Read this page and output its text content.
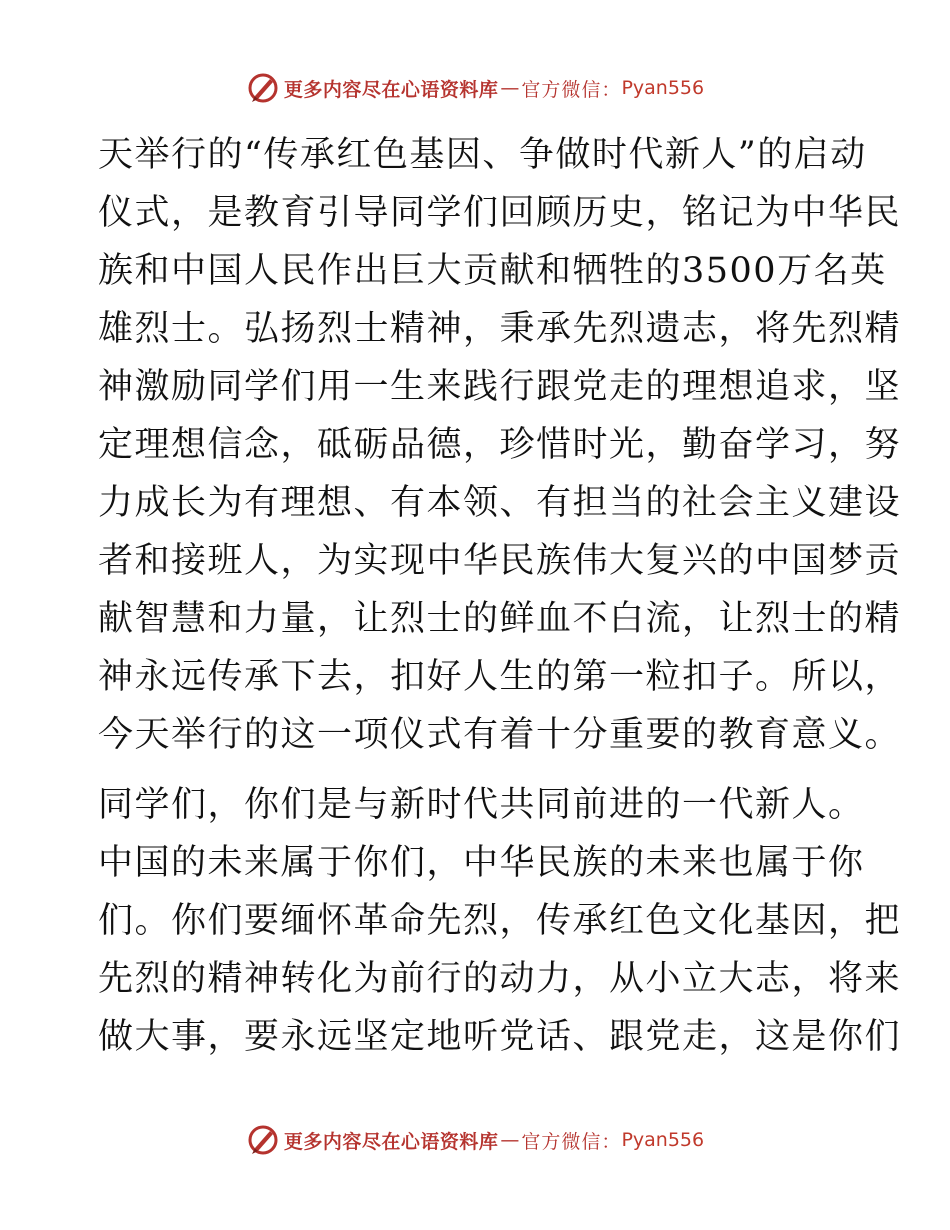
更多内容尽在心语资料库 — 官方微信： Pyan556
天举行的“传承红色基因、争做时代新人”的启动
仪式，是教育引导同学们回顾历史，铭记为中华民
族和中国人民作出巨大贡献和牺牲的3500万名英
雄烈士。弘扬烈士精神，秉承先烈遗志，将先烈精
神激励同学们用一生来践行跟党走的理想追求，坚
定理想信念，砥砺品德，珍惜时光，勤奋学习，努
力成长为有理想、有本领、有担当的社会主义建设
者和接班人，为实现中华民族伟大复兴的中国梦贡
献智慧和力量，让烈士的鲜血不白流，让烈士的精
神永远传承下去，扣好人生的第一粒扣子。所以，
今天举行的这一项仪式有着十分重要的教育意义。
同学们，你们是与新时代共同前进的一代新人。
中国的未来属于你们，中华民族的未来也属于你
们。你们要缅怀革命先烈，传承红色文化基因，把
先烈的精神转化为前行的动力，从小立大志，将来
做大事，要永远坚定地听党话、跟党走，这是你们
更多内容尽在心语资料库 — 官方微信： Pyan556
